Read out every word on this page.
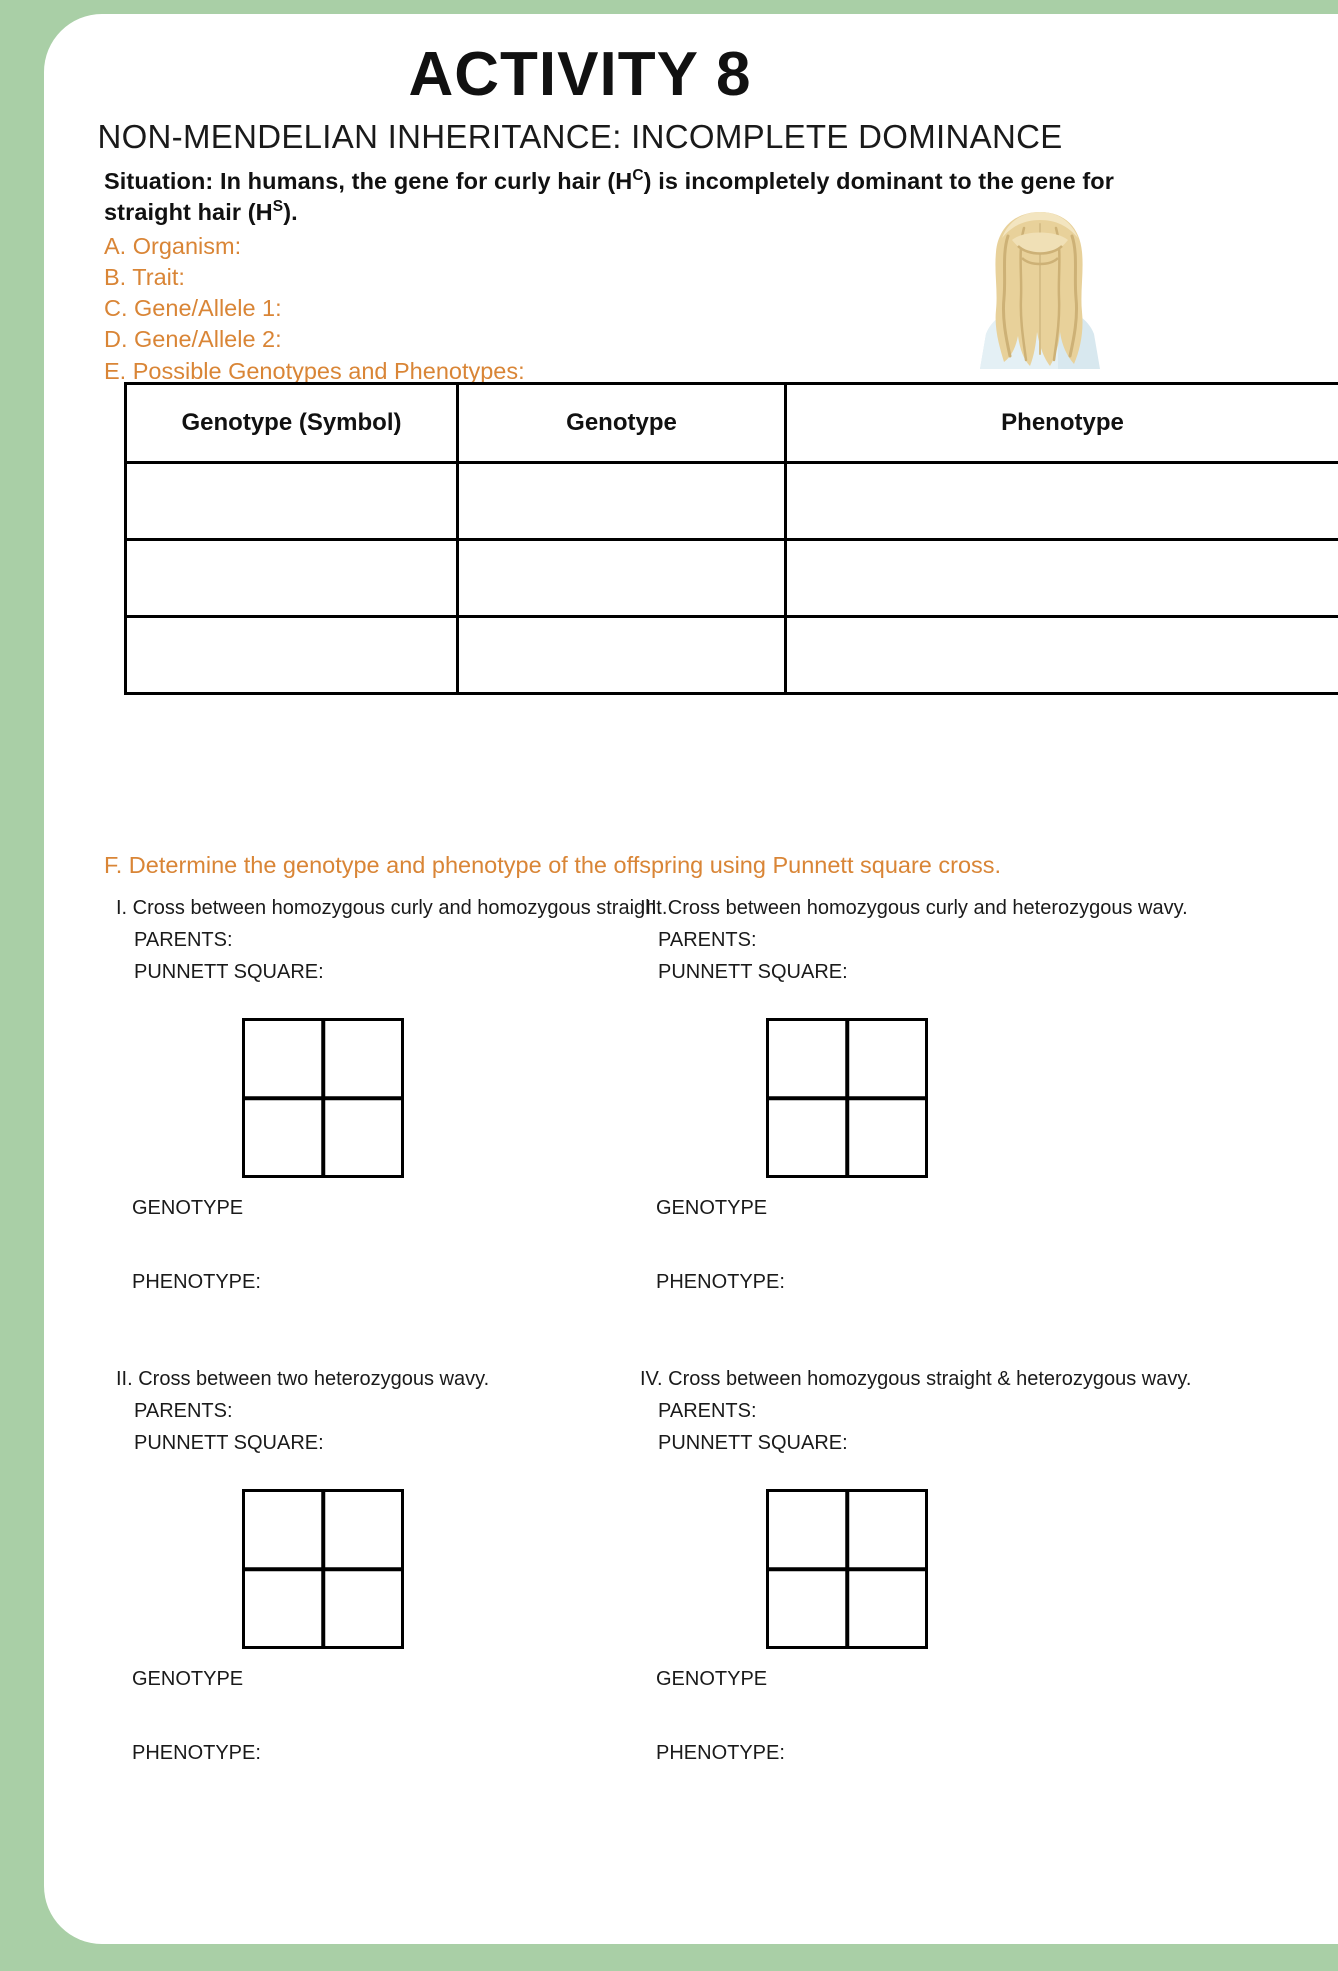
ACTIVITY 8
NON-MENDELIAN INHERITANCE: INCOMPLETE DOMINANCE
Situation: In humans, the gene for curly hair $(H^C)$ is incompletely dominant to the gene for straight hair $(H^S)$.
A. Organism:
B. Trait:
C. Gene/Allele 1:
D. Gene/Allele 2:
E. Possible Genotypes and Phenotypes:
Genotype (Symbol)	Genotype	Phenotype

F. Determine the genotype and phenotype of the offspring using Punnett square cross.
I. Cross between homozygous curly and homozygous straight.
PARENTS:
PUNNETT SQUARE:
GENOTYPE
PHENOTYPE:
III. Cross between homozygous curly and heterozygous wavy.
PARENTS:
PUNNETT SQUARE:
GENOTYPE
PHENOTYPE:
II. Cross between two heterozygous wavy.
PARENTS:
PUNNETT SQUARE:
GENOTYPE
PHENOTYPE:
IV. Cross between homozygous straight & heterozygous wavy.
PARENTS:
PUNNETT SQUARE:
GENOTYPE
PHENOTYPE:
